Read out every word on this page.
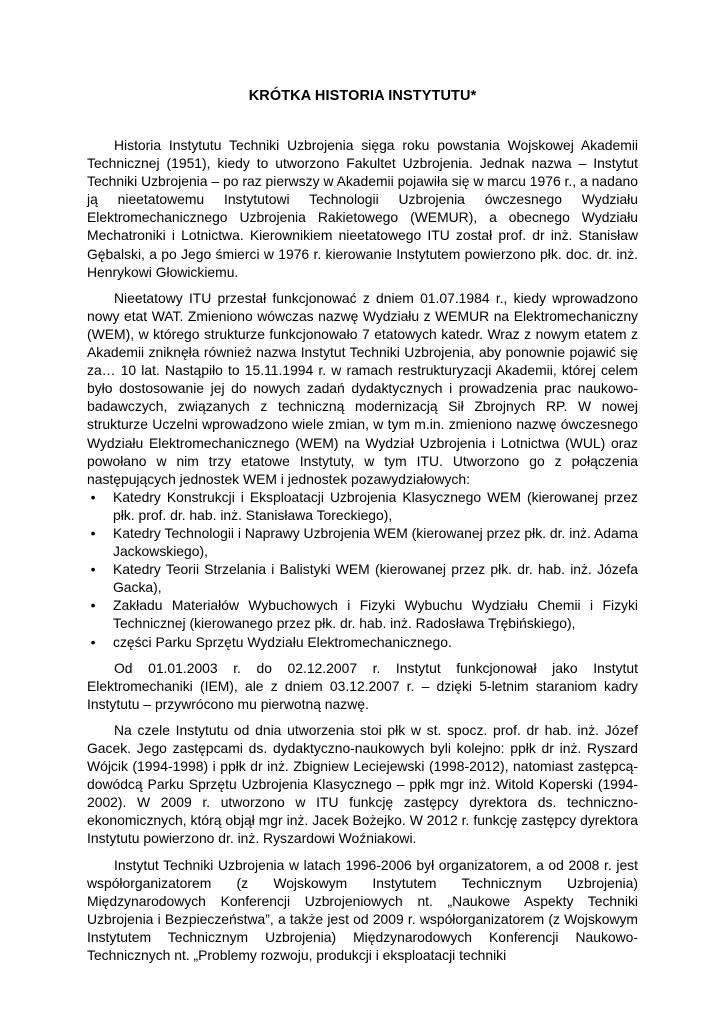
KRÓTKA HISTORIA INSTYTUTU*

Historia Instytutu Techniki Uzbrojenia sięga roku powstania Wojskowej Akademii Technicznej (1951), kiedy to utworzono Fakultet Uzbrojenia. Jednak nazwa – Instytut Techniki Uzbrojenia – po raz pierwszy w Akademii pojawiła się w marcu 1976 r., a nadano ją nieetatowemu Instytutowi Technologii Uzbrojenia ówczesnego Wydziału Elektromechanicznego Uzbrojenia Rakietowego (WEMUR), a obecnego Wydziału Mechatroniki i Lotnictwa. Kierownikiem nieetatowego ITU został prof. dr inż. Stanisław Gębalski, a po Jego śmierci w 1976 r. kierowanie Instytutem powierzono płk. doc. dr. inż. Henrykowi Głowickiemu.

Nieetatowy ITU przestał funkcjonować z dniem 01.07.1984 r., kiedy wprowadzono nowy etat WAT. Zmieniono wówczas nazwę Wydziału z WEMUR na Elektromechaniczny (WEM), w którego strukturze funkcjonowało 7 etatowych katedr. Wraz z nowym etatem z Akademii zniknęła również nazwa Instytut Techniki Uzbrojenia, aby ponownie pojawić się za… 10 lat. Nastąpiło to 15.11.1994 r. w ramach restrukturyzacji Akademii, której celem było dostosowanie jej do nowych zadań dydaktycznych i prowadzenia prac naukowo-badawczych, związanych z techniczną modernizacją Sił Zbrojnych RP. W nowej strukturze Uczelni wprowadzono wiele zmian, w tym m.in. zmieniono nazwę ówczesnego Wydziału Elektromechanicznego (WEM) na Wydział Uzbrojenia i Lotnictwa (WUL) oraz powołano w nim trzy etatowe Instytuty, w tym ITU. Utworzono go z połączenia następujących jednostek WEM i jednostek pozawydziałowych:

• Katedry Konstrukcji i Eksploatacji Uzbrojenia Klasycznego WEM (kierowanej przez płk. prof. dr. hab. inż. Stanisława Toreckiego),
• Katedry Technologii i Naprawy Uzbrojenia WEM (kierowanej przez płk. dr. inż. Adama Jackowskiego),
• Katedry Teorii Strzelania i Balistyki WEM (kierowanej przez płk. dr. hab. inż. Józefa Gacka),
• Zakładu Materiałów Wybuchowych i Fizyki Wybuchu Wydziału Chemii i Fizyki Technicznej (kierowanego przez płk. dr. hab. inż. Radosława Trębińskiego),
• części Parku Sprzętu Wydziału Elektromechanicznego.

Od 01.01.2003 r. do 02.12.2007 r. Instytut funkcjonował jako Instytut Elektromechaniki (IEM), ale z dniem 03.12.2007 r. – dzięki 5-letnim staraniom kadry Instytutu – przywrócono mu pierwotną nazwę.

Na czele Instytutu od dnia utworzenia stoi płk w st. spocz. prof. dr hab. inż. Józef Gacek. Jego zastępcami ds. dydaktyczno-naukowych byli kolejno: ppłk dr inż. Ryszard Wójcik (1994-1998) i ppłk dr inż. Zbigniew Leciejewski (1998-2012), natomiast zastępcą-dowódcą Parku Sprzętu Uzbrojenia Klasycznego – ppłk mgr inż. Witold Koperski (1994-2002). W 2009 r. utworzono w ITU funkcję zastępcy dyrektora ds. techniczno-ekonomicznych, którą objął mgr inż. Jacek Bożejko. W 2012 r. funkcję zastępcy dyrektora Instytutu powierzono dr. inż. Ryszardowi Woźniakowi.

Instytut Techniki Uzbrojenia w latach 1996-2006 był organizatorem, a od 2008 r. jest współorganizatorem (z Wojskowym Instytutem Technicznym Uzbrojenia) Międzynarodowych Konferencji Uzbrojeniowych nt. „Naukowe Aspekty Techniki Uzbrojenia i Bezpieczeństwa”, a także jest od 2009 r. współorganizatorem (z Wojskowym Instytutem Technicznym Uzbrojenia) Międzynarodowych Konferencji Naukowo-Technicznych nt. „Problemy rozwoju, produkcji i eksploatacji techniki
